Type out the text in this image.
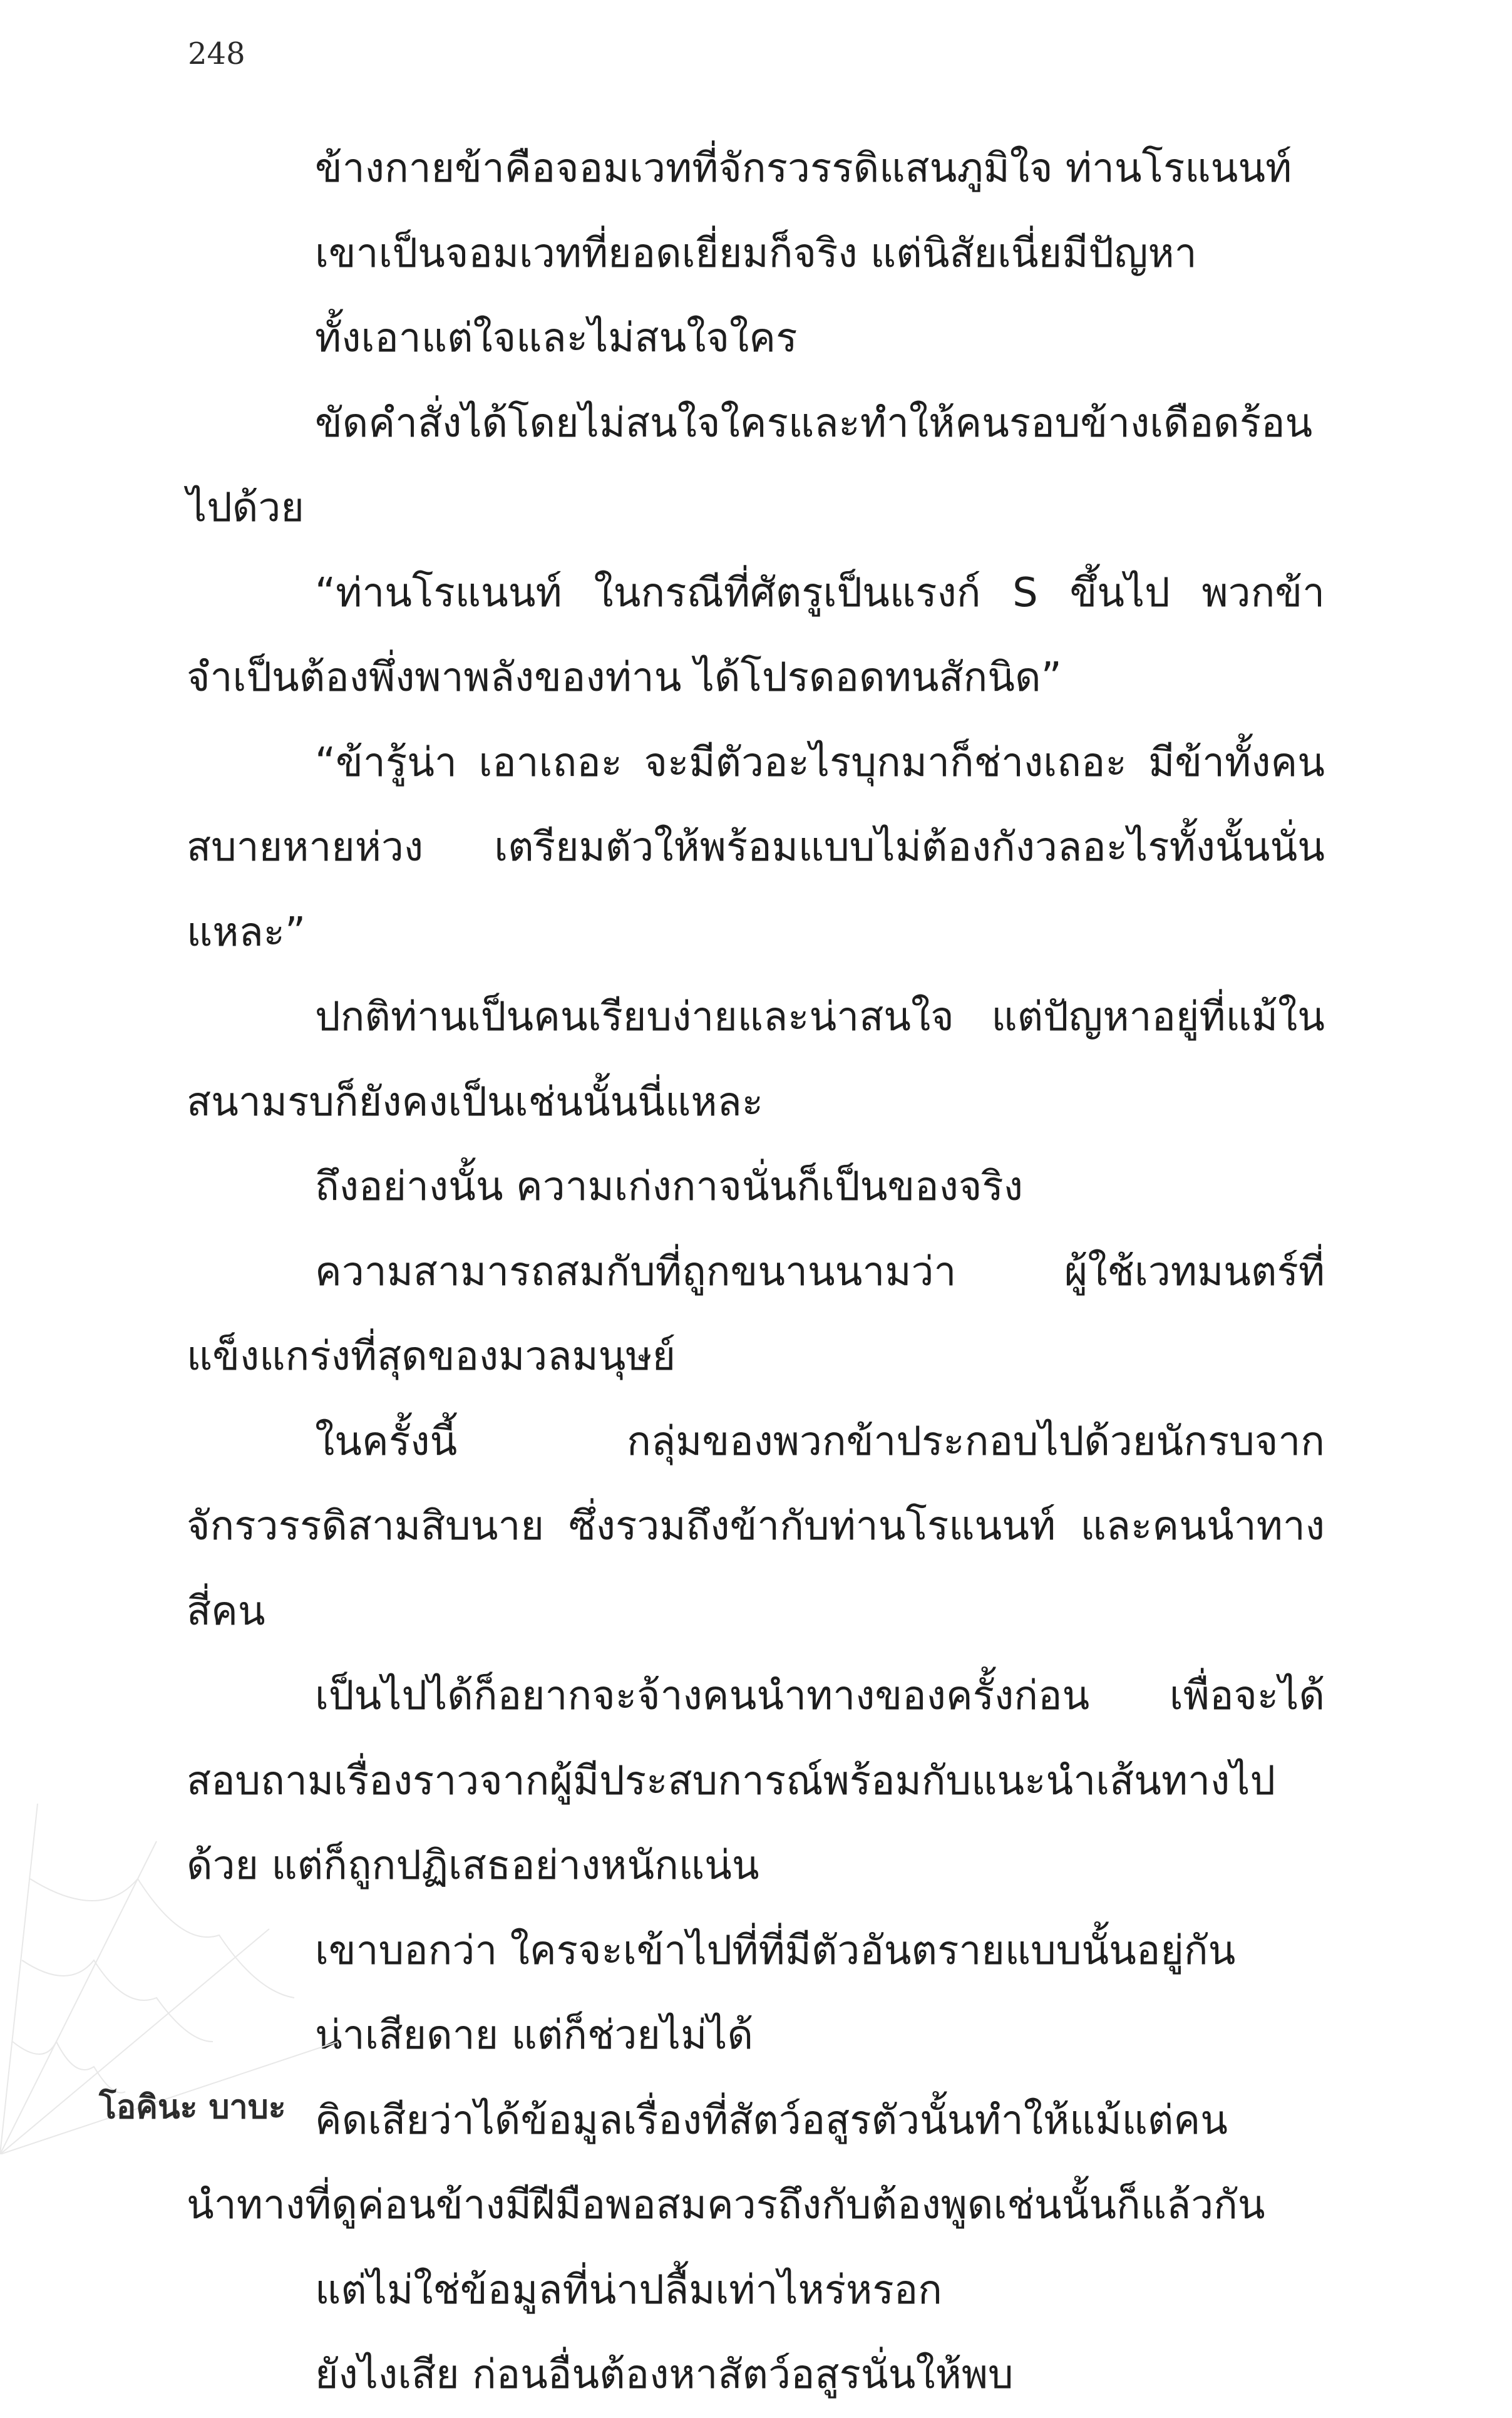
248

ข้างกายข้าคือจอมเวทที่จักรวรรดิแสนภูมิใจ ท่านโรแนนท์

เขาเป็นจอมเวทที่ยอดเยี่ยมก็จริง แต่นิสัยเนี่ยมีปัญหา

ทั้งเอาแต่ใจและไม่สนใจใคร

ขัดคำสั่งได้โดยไม่สนใจใครและทำให้คนรอบข้างเดือดร้อนไปด้วย

“ท่านโรแนนท์ ในกรณีที่ศัตรูเป็นแรงก์ S ขึ้นไป พวกข้าจำเป็นต้องพึ่งพาพลังของท่าน ได้โปรดอดทนสักนิด”

“ข้ารู้น่า เอาเถอะ จะมีตัวอะไรบุกมาก็ช่างเถอะ มีข้าทั้งคนสบายหายห่วง เตรียมตัวให้พร้อมแบบไม่ต้องกังวลอะไรทั้งนั้นนั่นแหละ”

ปกติท่านเป็นคนเรียบง่ายและน่าสนใจ แต่ปัญหาอยู่ที่แม้ในสนามรบก็ยังคงเป็นเช่นนั้นนี่แหละ

ถึงอย่างนั้น ความเก่งกาจนั่นก็เป็นของจริง

ความสามารถสมกับที่ถูกขนานนามว่า ผู้ใช้เวทมนตร์ที่แข็งแกร่งที่สุดของมวลมนุษย์

ในครั้งนี้ กลุ่มของพวกข้าประกอบไปด้วยนักรบจากจักรวรรดิสามสิบนาย ซึ่งรวมถึงข้ากับท่านโรแนนท์ และคนนำทางสี่คน

เป็นไปได้ก็อยากจะจ้างคนนำทางของครั้งก่อน เพื่อจะได้สอบถามเรื่องราวจากผู้มีประสบการณ์พร้อมกับแนะนำเส้นทางไปด้วย แต่ก็ถูกปฏิเสธอย่างหนักแน่น

เขาบอกว่า ใครจะเข้าไปที่ที่มีตัวอันตรายแบบนั้นอยู่กัน

น่าเสียดาย แต่ก็ช่วยไม่ได้

คิดเสียว่าได้ข้อมูลเรื่องที่สัตว์อสูรตัวนั้นทำให้แม้แต่คนนำทางที่ดูค่อนข้างมีฝีมือพอสมควรถึงกับต้องพูดเช่นนั้นก็แล้วกัน

แต่ไม่ใช่ข้อมูลที่น่าปลื้มเท่าไหร่หรอก

ยังไงเสีย ก่อนอื่นต้องหาสัตว์อสูรนั่นให้พบ

โอคินะ บาบะ
